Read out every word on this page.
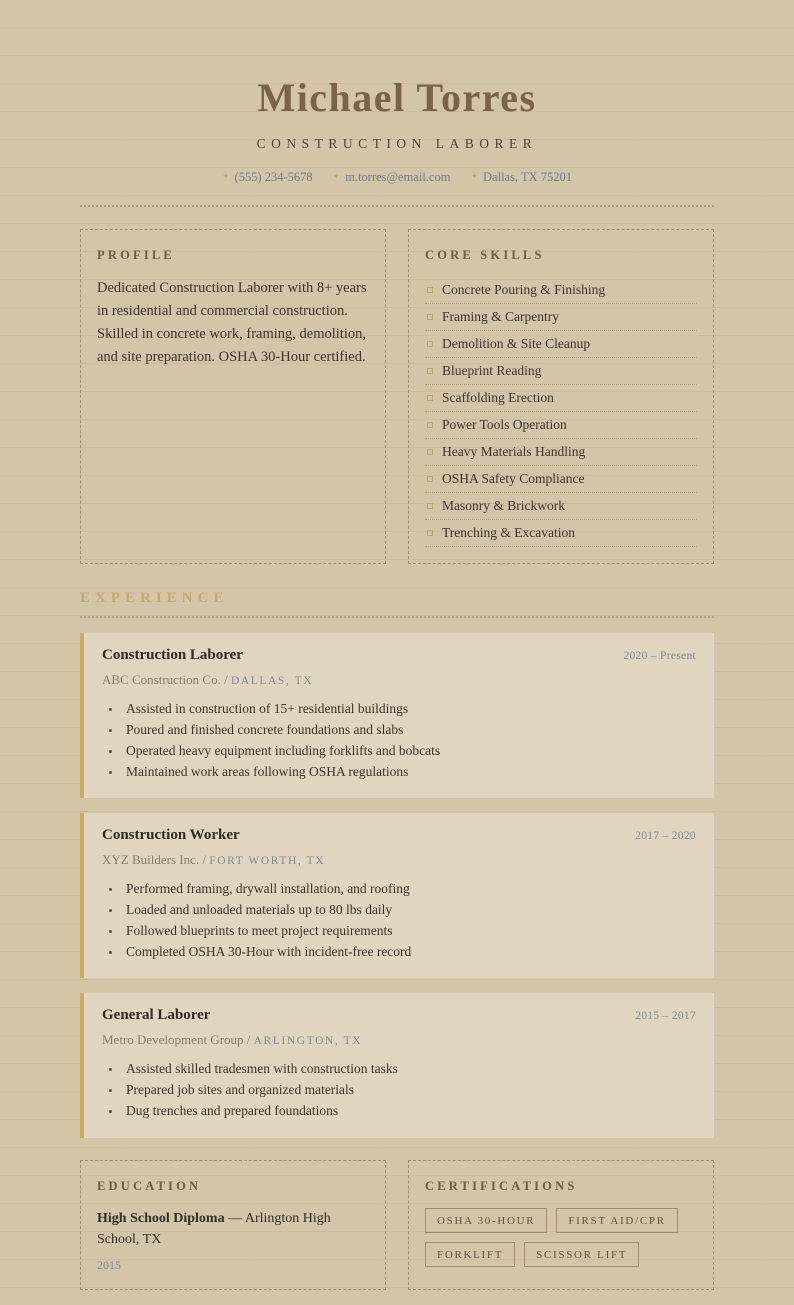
Michael Torres
CONSTRUCTION LABORER
✦ (555) 234-5678 ✦ m.torres@email.com ✦ Dallas, TX 75201
PROFILE
Dedicated Construction Laborer with 8+ years in residential and commercial construction. Skilled in concrete work, framing, demolition, and site preparation. OSHA 30-Hour certified.
CORE SKILLS
Concrete Pouring & Finishing
Framing & Carpentry
Demolition & Site Cleanup
Blueprint Reading
Scaffolding Erection
Power Tools Operation
Heavy Materials Handling
OSHA Safety Compliance
Masonry & Brickwork
Trenching & Excavation
EXPERIENCE
Construction Laborer	2020 – Present
ABC Construction Co. / DALLAS, TX
• Assisted in construction of 15+ residential buildings
• Poured and finished concrete foundations and slabs
• Operated heavy equipment including forklifts and bobcats
• Maintained work areas following OSHA regulations
Construction Worker	2017 – 2020
XYZ Builders Inc. / FORT WORTH, TX
• Performed framing, drywall installation, and roofing
• Loaded and unloaded materials up to 80 lbs daily
• Followed blueprints to meet project requirements
• Completed OSHA 30-Hour with incident-free record
General Laborer	2015 – 2017
Metro Development Group / ARLINGTON, TX
• Assisted skilled tradesmen with construction tasks
• Prepared job sites and organized materials
• Dug trenches and prepared foundations
EDUCATION
High School Diploma — Arlington High School, TX
2015
CERTIFICATIONS
OSHA 30-HOUR	FIRST AID/CPR
FORKLIFT	SCISSOR LIFT
